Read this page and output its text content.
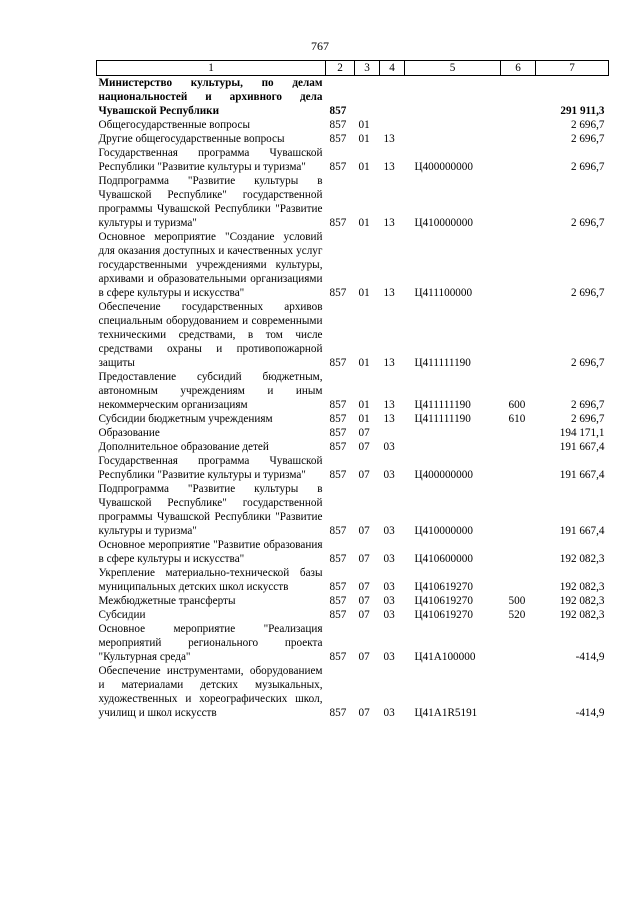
767
1	2	3	4	5	6	7
Министерство культуры, по делам национальностей и архивного дела Чувашской Республики	857					291 911,3
Общегосударственные вопросы	857	01				2 696,7
Другие общегосударственные вопросы	857	01	13			2 696,7
Государственная программа Чувашской Республики "Развитие культуры и туризма"	857	01	13	Ц400000000		2 696,7
Подпрограмма "Развитие культуры в Чувашской Республике" государственной программы Чувашской Республики "Развитие культуры и туризма"	857	01	13	Ц410000000		2 696,7
Основное мероприятие "Создание условий для оказания доступных и качественных услуг государственными учреждениями культуры, архивами и образовательными организациями в сфере культуры и искусства"	857	01	13	Ц411100000		2 696,7
Обеспечение государственных архивов специальным оборудованием и современными техническими средствами, в том числе средствами охраны и противопожарной защиты	857	01	13	Ц411111190		2 696,7
Предоставление субсидий бюджетным, автономным учреждениям и иным некоммерческим организациям	857	01	13	Ц411111190	600	2 696,7
Субсидии бюджетным учреждениям	857	01	13	Ц411111190	610	2 696,7
Образование	857	07				194 171,1
Дополнительное образование детей	857	07	03			191 667,4
Государственная программа Чувашской Республики "Развитие культуры и туризма"	857	07	03	Ц400000000		191 667,4
Подпрограмма "Развитие культуры в Чувашской Республике" государственной программы Чувашской Республики "Развитие культуры и туризма"	857	07	03	Ц410000000		191 667,4
Основное мероприятие "Развитие образования в сфере культуры и искусства"	857	07	03	Ц410600000		192 082,3
Укрепление материально-технической базы муниципальных детских школ искусств	857	07	03	Ц410619270		192 082,3
Межбюджетные трансферты	857	07	03	Ц410619270	500	192 082,3
Субсидии	857	07	03	Ц410619270	520	192 082,3
Основное мероприятие "Реализация мероприятий регионального проекта "Культурная среда"	857	07	03	Ц41А100000		-414,9
Обеспечение инструментами, оборудованием и материалами детских музыкальных, художественных и хореографических школ, училищ и школ искусств	857	07	03	Ц41А1R5191		-414,9
